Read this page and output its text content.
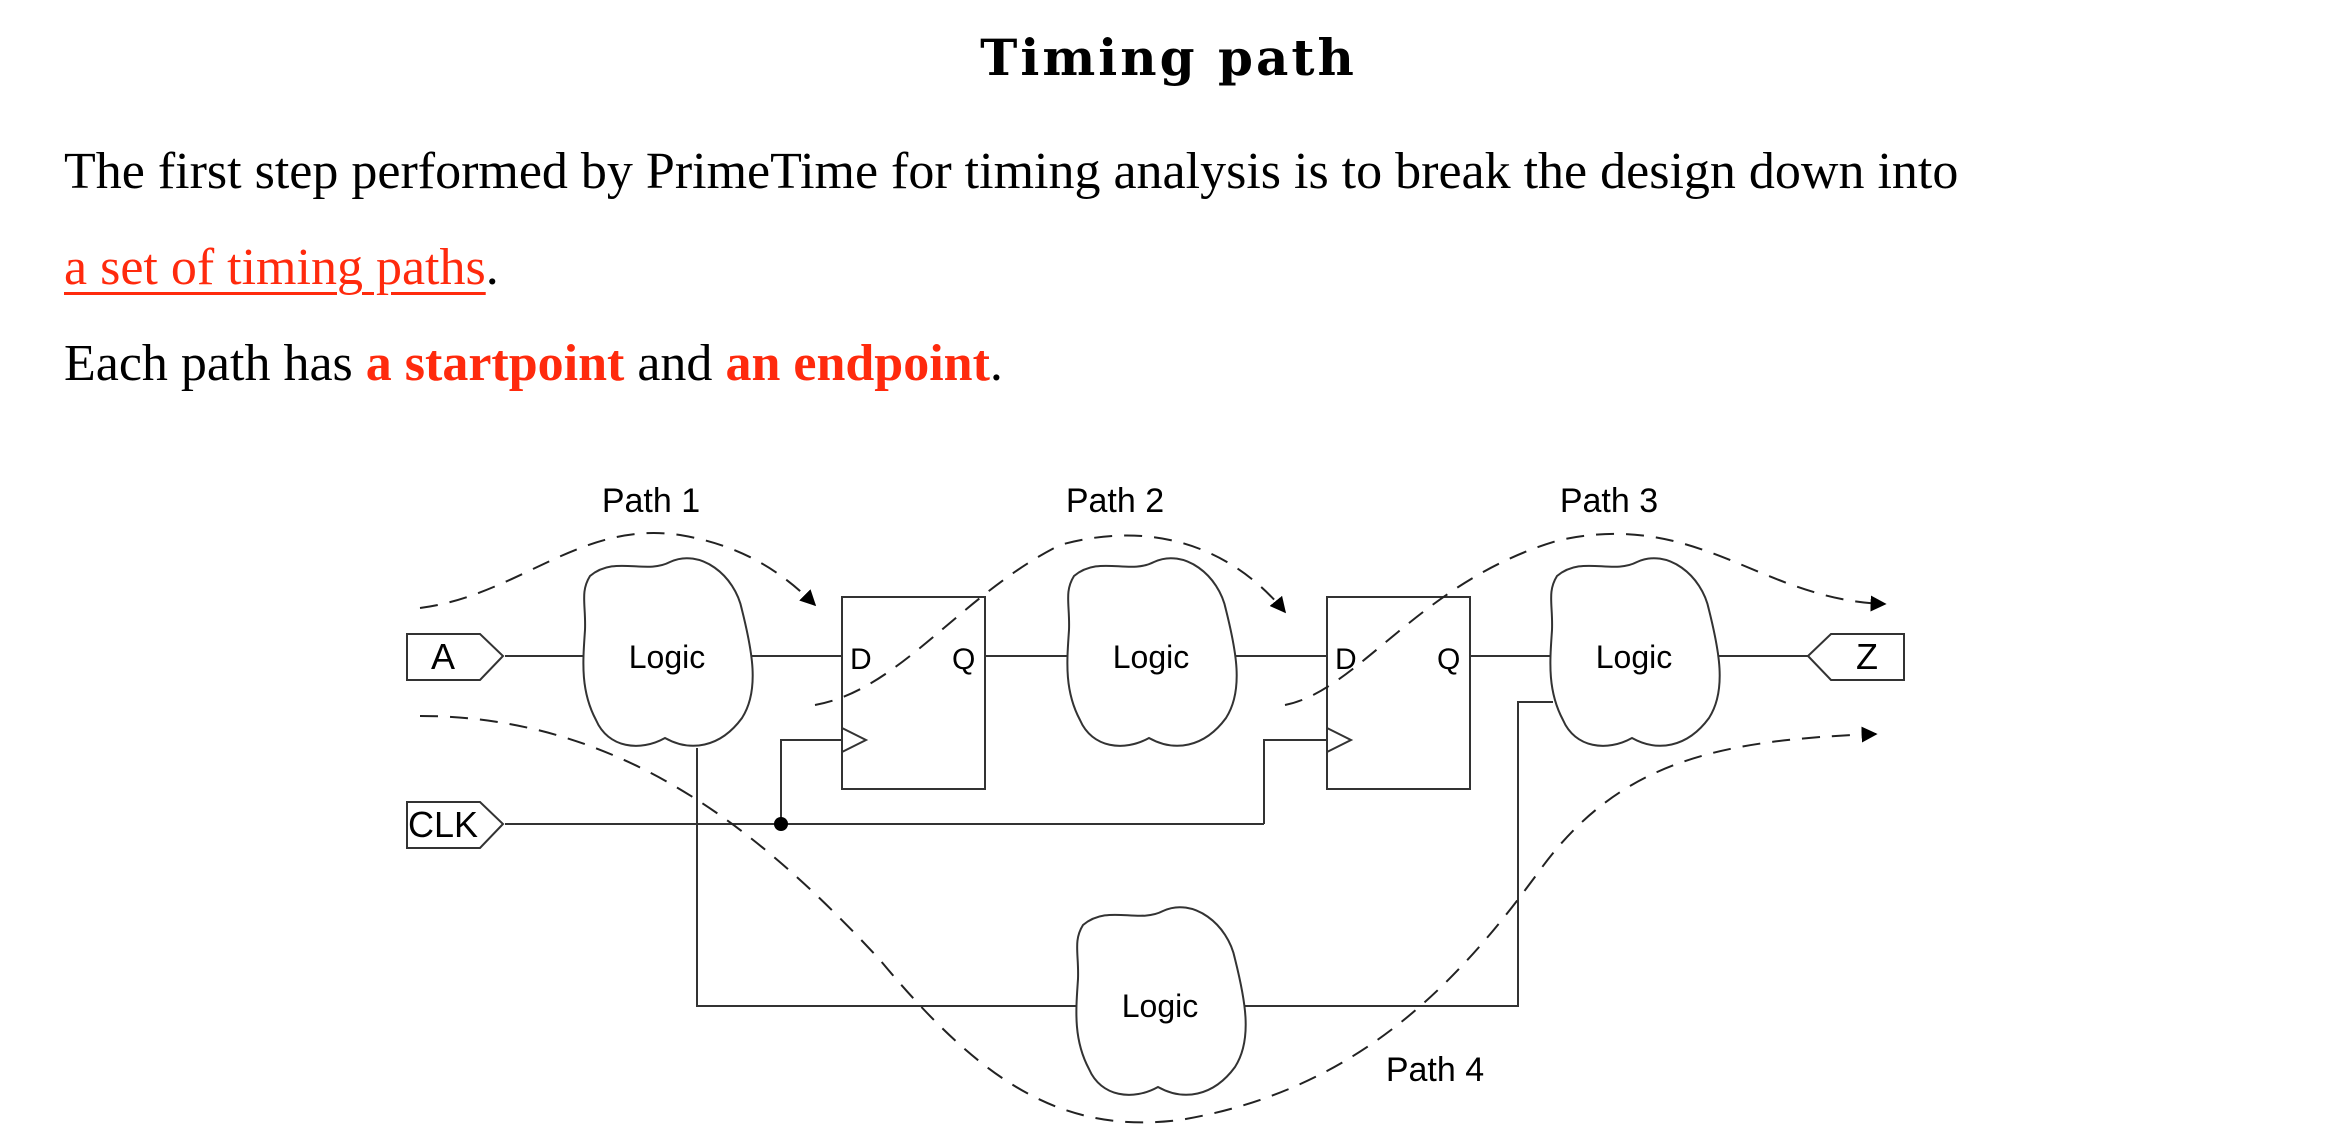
Timing path

The first step performed by PrimeTime for timing analysis is to break the design down into

a set of timing paths.

Each path has a startpoint and an endpoint.

A
CLK
Z
D	Q	D	Q
Logic	Logic	Logic
Logic
Path 1	Path 2	Path 3
Path 4
